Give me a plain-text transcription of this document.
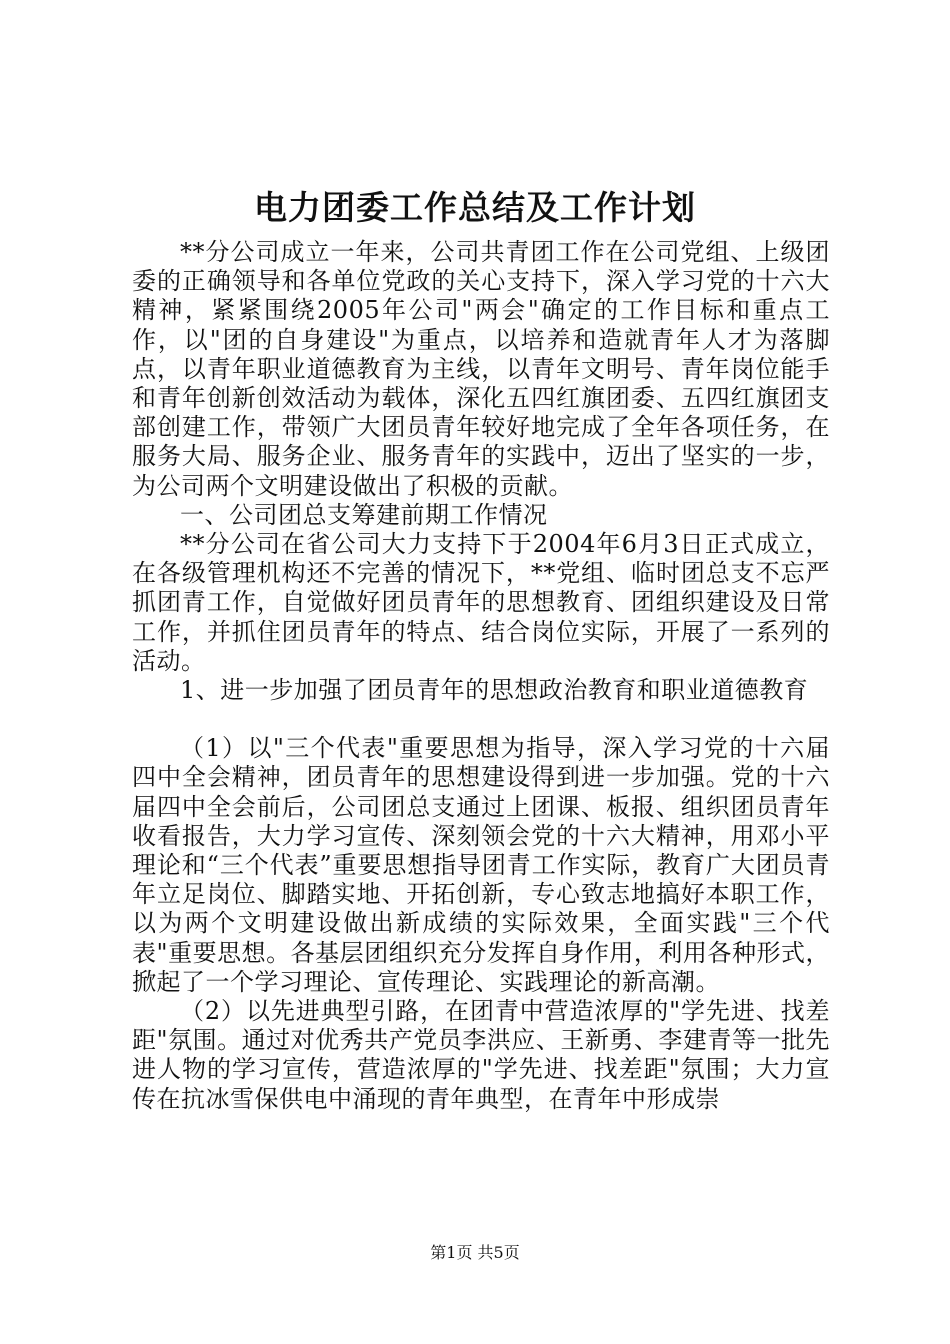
电力团委工作总结及工作计划

**分公司成立一年来，公司共青团工作在公司党组、上级团委的正确领导和各单位党政的关心支持下，深入学习党的十六大精神，紧紧围绕2005年公司"两会"确定的工作目标和重点工作，以"团的自身建设"为重点，以培养和造就青年人才为落脚点，以青年职业道德教育为主线，以青年文明号、青年岗位能手和青年创新创效活动为载体，深化五四红旗团委、五四红旗团支部创建工作，带领广大团员青年较好地完成了全年各项任务，在服务大局、服务企业、服务青年的实践中，迈出了坚实的一步，为公司两个文明建设做出了积极的贡献。

一、公司团总支筹建前期工作情况

**分公司在省公司大力支持下于2004年6月3日正式成立，在各级管理机构还不完善的情况下，**党组、临时团总支不忘严抓团青工作，自觉做好团员青年的思想教育、团组织建设及日常工作，并抓住团员青年的特点、结合岗位实际，开展了一系列的活动。

1、进一步加强了团员青年的思想政治教育和职业道德教育

（1）以"三个代表"重要思想为指导，深入学习党的十六届四中全会精神，团员青年的思想建设得到进一步加强。党的十六届四中全会前后，公司团总支通过上团课、板报、组织团员青年收看报告，大力学习宣传、深刻领会党的十六大精神，用邓小平理论和“三个代表”重要思想指导团青工作实际，教育广大团员青年立足岗位、脚踏实地、开拓创新，专心致志地搞好本职工作，以为两个文明建设做出新成绩的实际效果，全面实践"三个代表"重要思想。各基层团组织充分发挥自身作用，利用各种形式，掀起了一个学习理论、宣传理论、实践理论的新高潮。

（2）以先进典型引路，在团青中营造浓厚的"学先进、找差距"氛围。通过对优秀共产党员李洪应、王新勇、李建青等一批先进人物的学习宣传，营造浓厚的"学先进、找差距"氛围；大力宣传在抗冰雪保供电中涌现的青年典型，在青年中形成崇

第1页 共5页
